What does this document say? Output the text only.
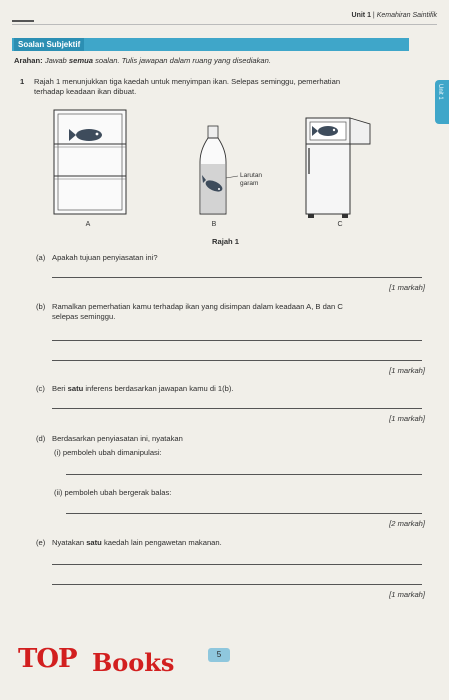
Unit 1 | Kemahiran Saintifik
Unit 1
Soalan Subjektif
Arahan: Jawab semua soalan. Tulis jawapan dalam ruang yang disediakan.
1 Rajah 1 menunjukkan tiga kaedah untuk menyimpan ikan. Selepas seminggu, pemerhatian
terhadap keadaan ikan dibuat.
A
Larutan
garam
B	C
Rajah 1
(a) Apakah tujuan penyiasatan ini?
[1 markah]
(b) Ramalkan pemerhatian kamu terhadap ikan yang disimpan dalam keadaan A, B dan C
selepas seminggu.
[1 markah]
(c) Beri satu inferens berdasarkan jawapan kamu di 1(b).
[1 markah]
(d) Berdasarkan penyiasatan ini, nyatakan
(i) pemboleh ubah dimanipulasi:
(ii) pemboleh ubah bergerak balas:
[2 markah]
(e) Nyatakan satu kaedah lain pengawetan makanan.
[1 markah]
TOP Books	5
